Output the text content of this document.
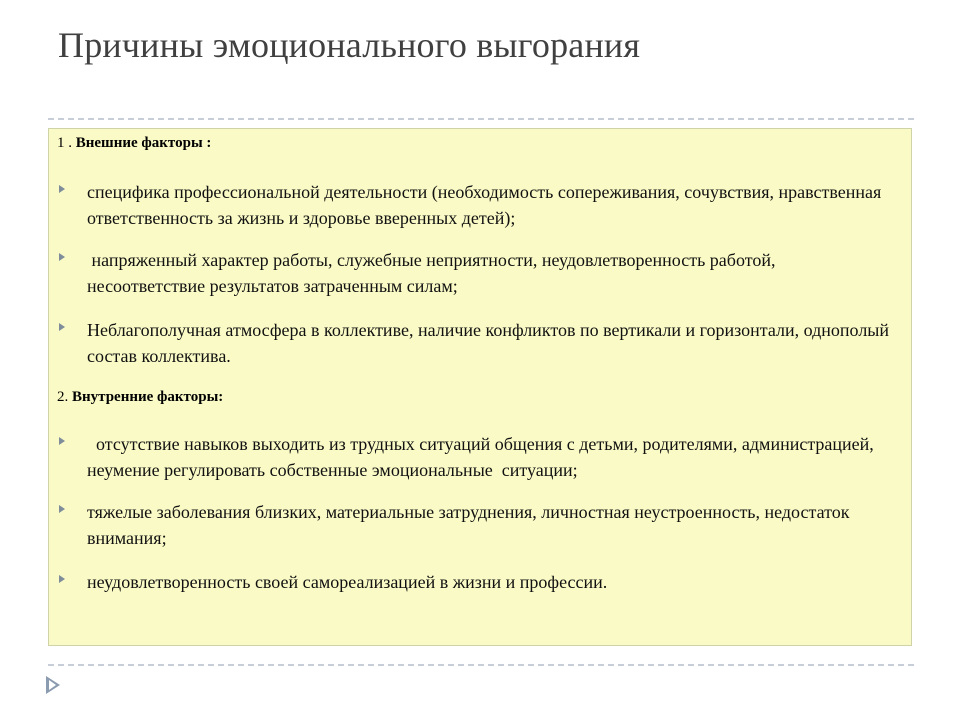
Причины эмоционального выгорания
1 . Внешние факторы :
специфика профессиональной деятельности (необходимость сопереживания, сочувствия, нравственная ответственность за жизнь и здоровье вверенных детей);
напряженный характер работы, служебные неприятности, неудовлетворенность работой, несоответствие результатов затраченным силам;
Неблагополучная атмосфера в коллективе, наличие конфликтов по вертикали и горизонтали, однополый состав коллектива.
2. Внутренние факторы:
отсутствие навыков выходить из трудных ситуаций общения с детьми, родителями, администрацией, неумение регулировать собственные эмоциональные  ситуации;
тяжелые заболевания близких, материальные затруднения, личностная неустроенность, недостаток внимания;
неудовлетворенность своей самореализацией в жизни и профессии.
